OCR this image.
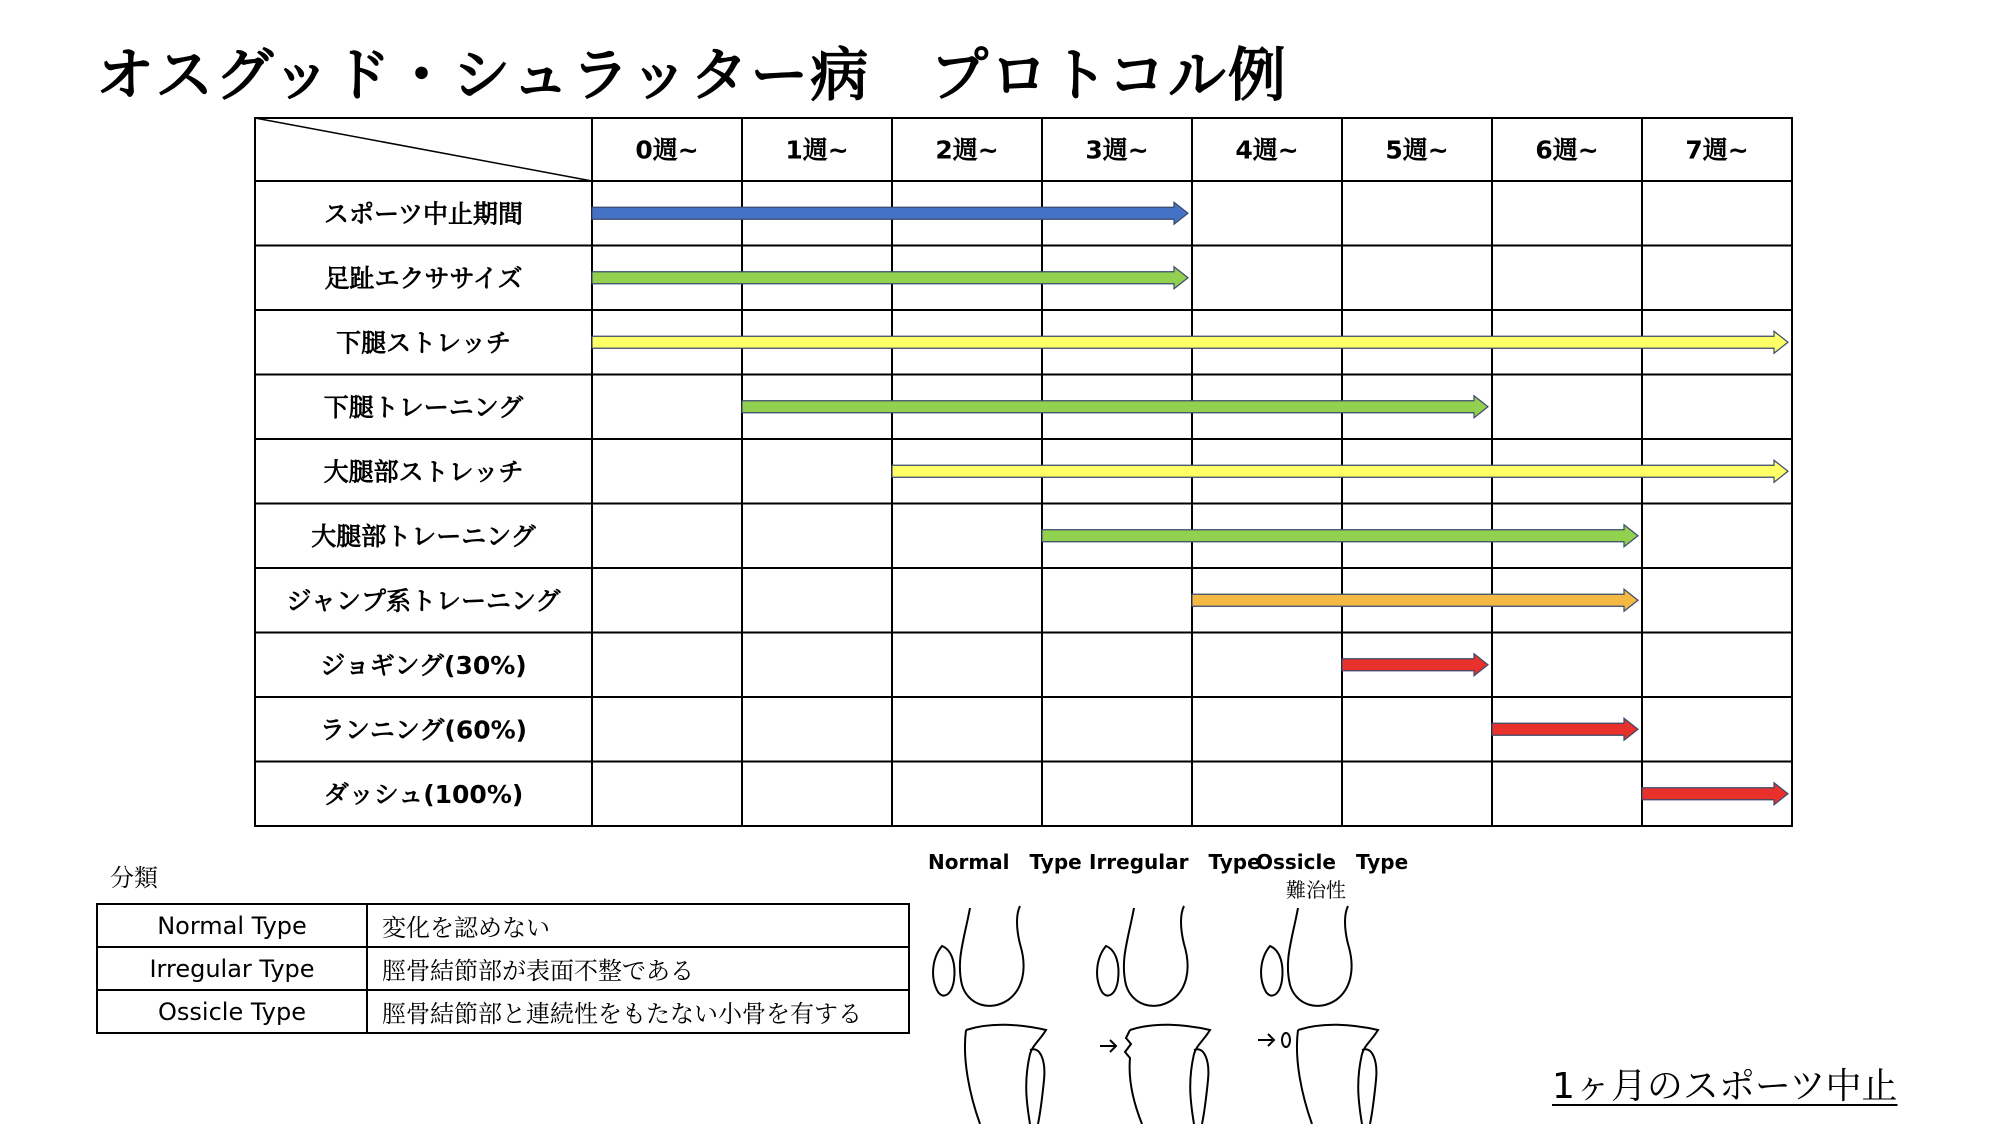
オスグッド・シュラッター病　プロトコル例
0週~	1週~	2週~	3週~	4週~	5週~	6週~	7週~
スポーツ中止期間
足趾エクササイズ
下腿ストレッチ
下腿トレーニング
大腿部ストレッチ
大腿部トレーニング
ジャンプ系トレーニング
ジョギング(30%)
ランニング(60%)
ダッシュ(100%)
分類
Normal Type	変化を認めない
Irregular Type	脛骨結節部が表面不整である
Ossicle Type	脛骨結節部と連続性をもたない小骨を有する
Normal　Type Irregular　Type
Ossicle　Type
難治性
1ヶ月のスポーツ中止
